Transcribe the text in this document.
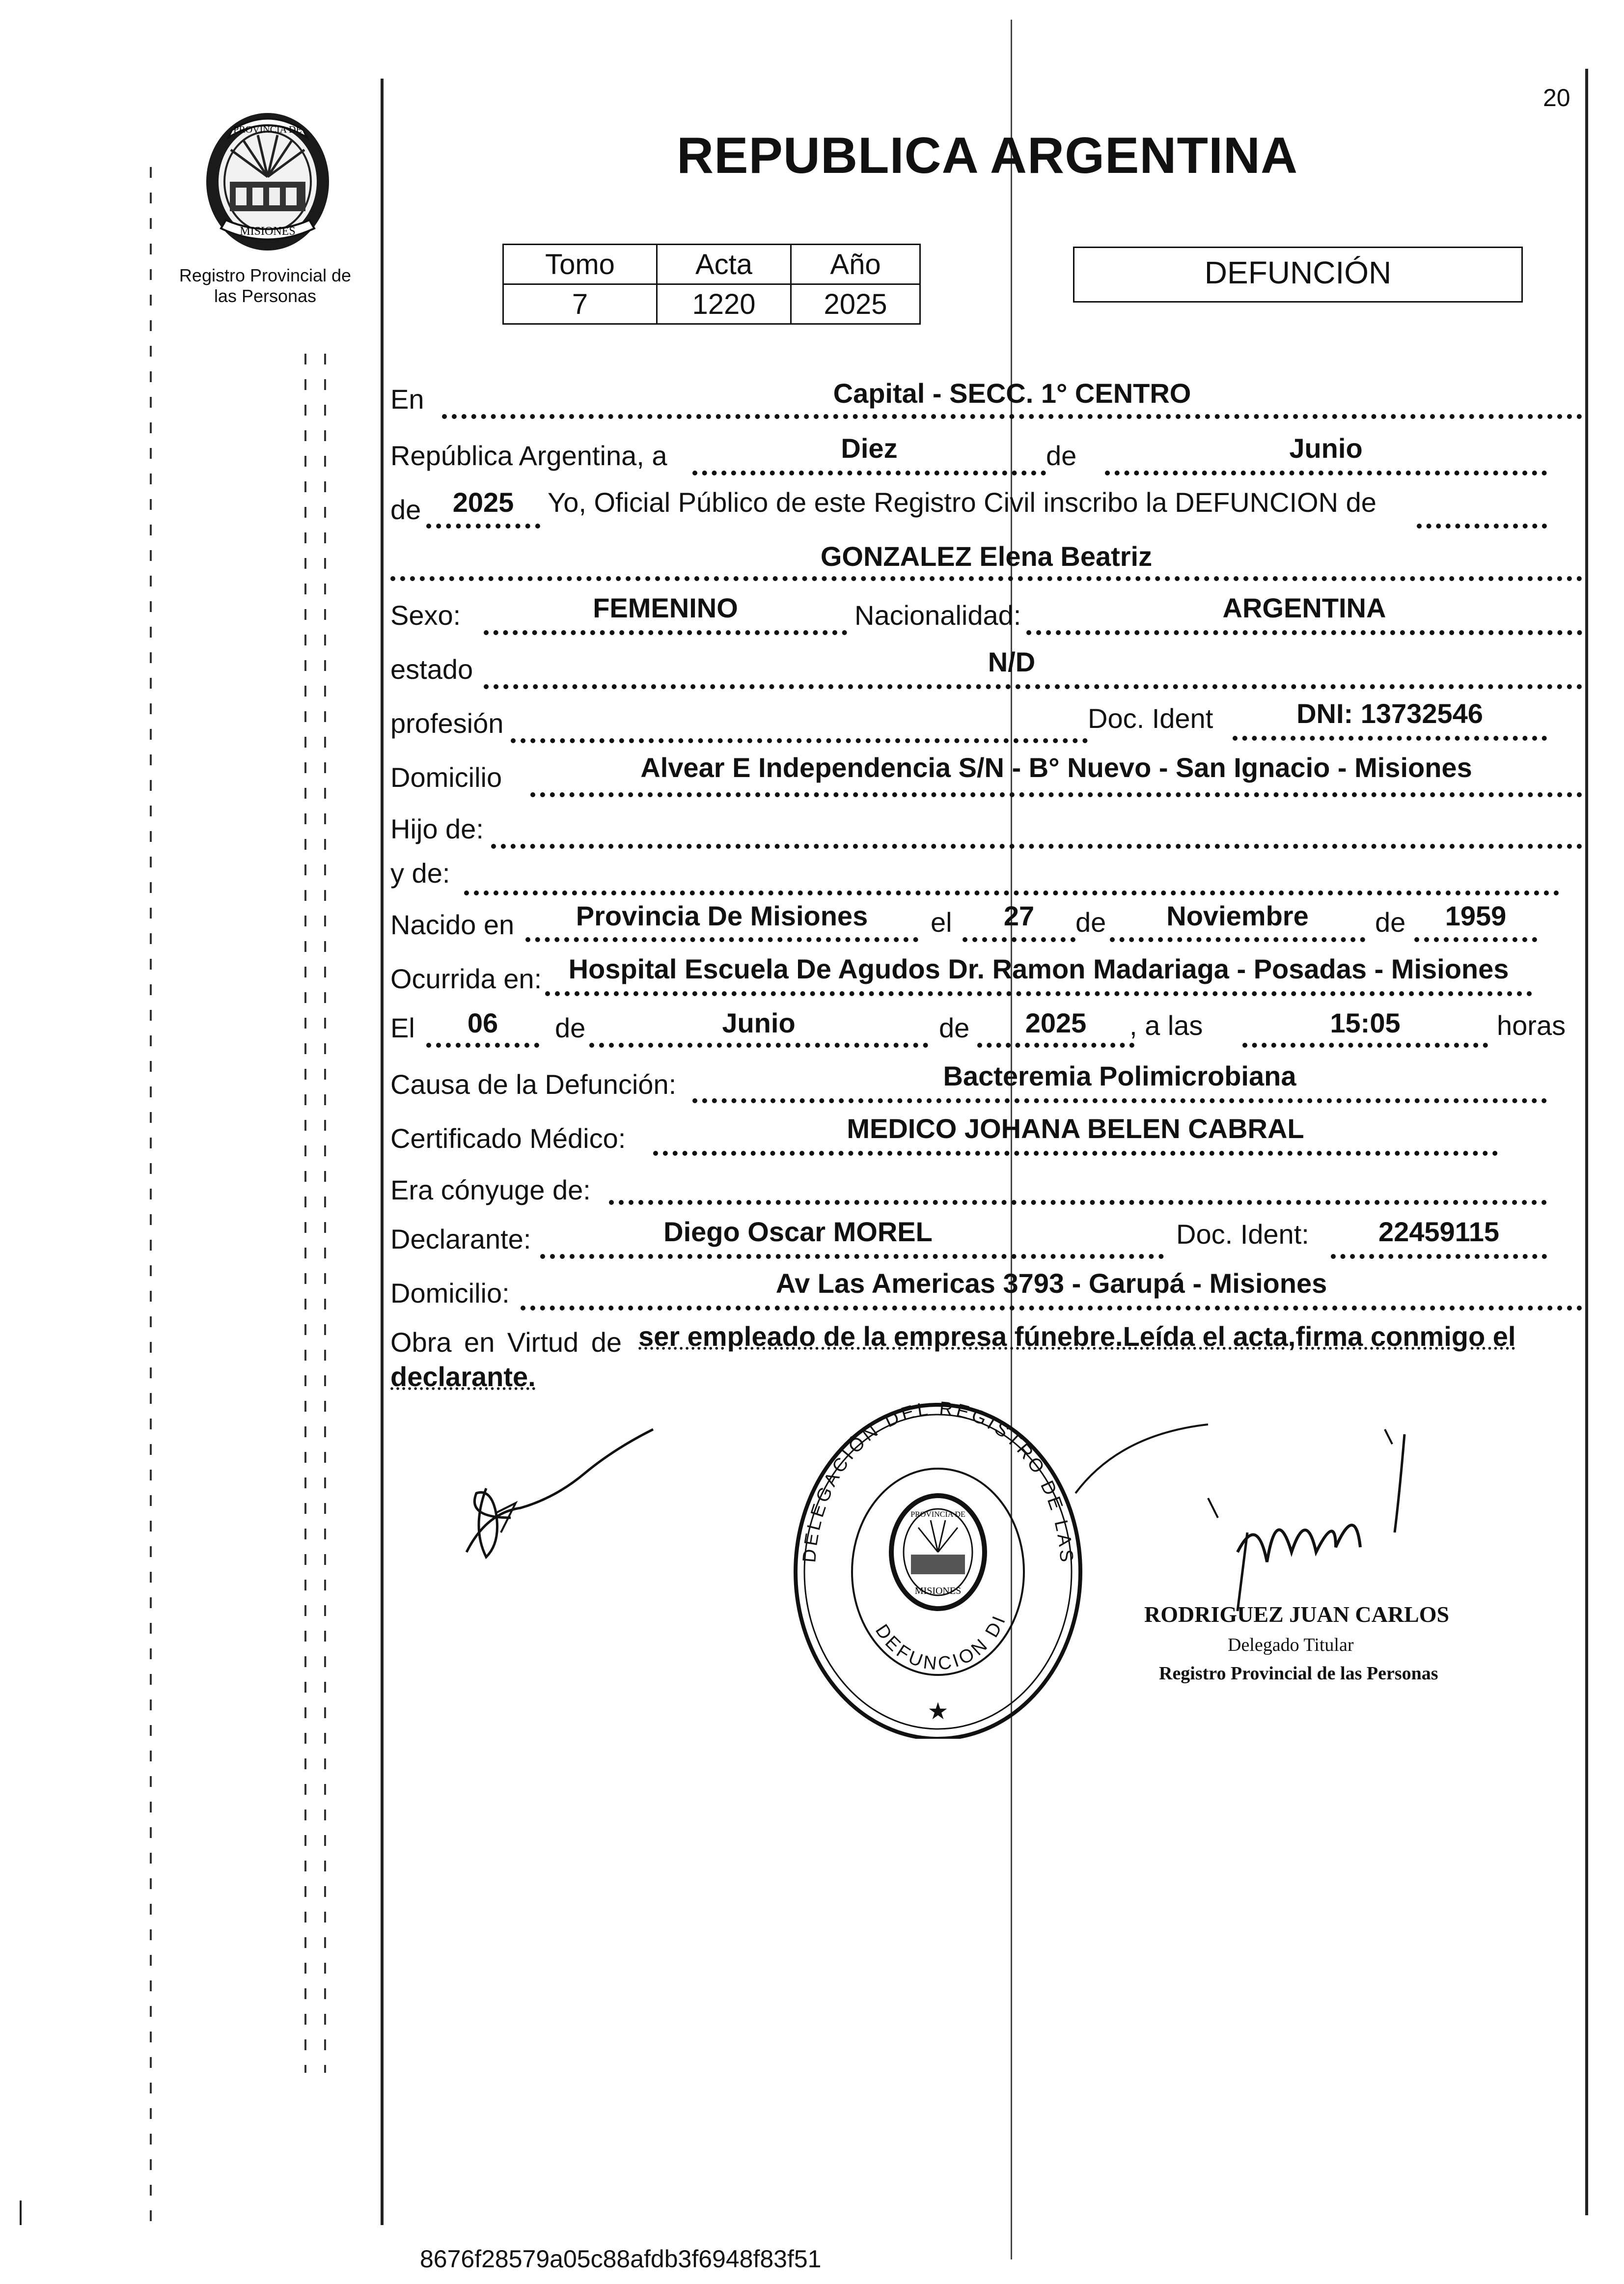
20
PROVINCIA DE
MISIONES
Registro Provincial de
las Personas
REPUBLICA ARGENTINA
Tomo	Acta	Año
7	1220	2025
DEFUNCIÓN
En	Capital - SECC. 1° CENTRO
República Argentina, a	Diez	de	Junio
de	2025	Yo, Oficial Público de este Registro Civil inscribo la DEFUNCION de
GONZALEZ Elena Beatriz
Sexo:	FEMENINO	Nacionalidad:	ARGENTINA
estado	N/D
profesión	Doc. Ident	DNI: 13732546
Domicilio	Alvear E Independencia S/N - B° Nuevo - San Ignacio - Misiones
Hijo de:
y de:
Nacido en	Provincia De Misiones	el	27	de	Noviembre	de	1959
Ocurrida en: Hospital Escuela De Agudos Dr. Ramon Madariaga - Posadas - Misiones
El	06	de	Junio	de	2025	, a las	15:05	horas
Causa de la Defunción:	Bacteremia Polimicrobiana
Certificado Médico:	MEDICO JOHANA BELEN CABRAL
Era cónyuge de:
Declarante:	Diego Oscar MOREL	Doc. Ident:	22459115
Domicilio:	Av Las Americas 3793 - Garupá - Misiones
Obra en Virtud de ser empleado de la empresa fúnebre.Leída el acta,firma conmigo el
declarante.
DELEGACIÓN DEL REGISTRO DE LAS
DEFUNCION DI
PROVINCIA DE
MISIONES
★
RODRIGUEZ JUAN CARLOS
Delegado Titular
Registro Provincial de las Personas
8676f28579a05c88afdb3f6948f83f51
